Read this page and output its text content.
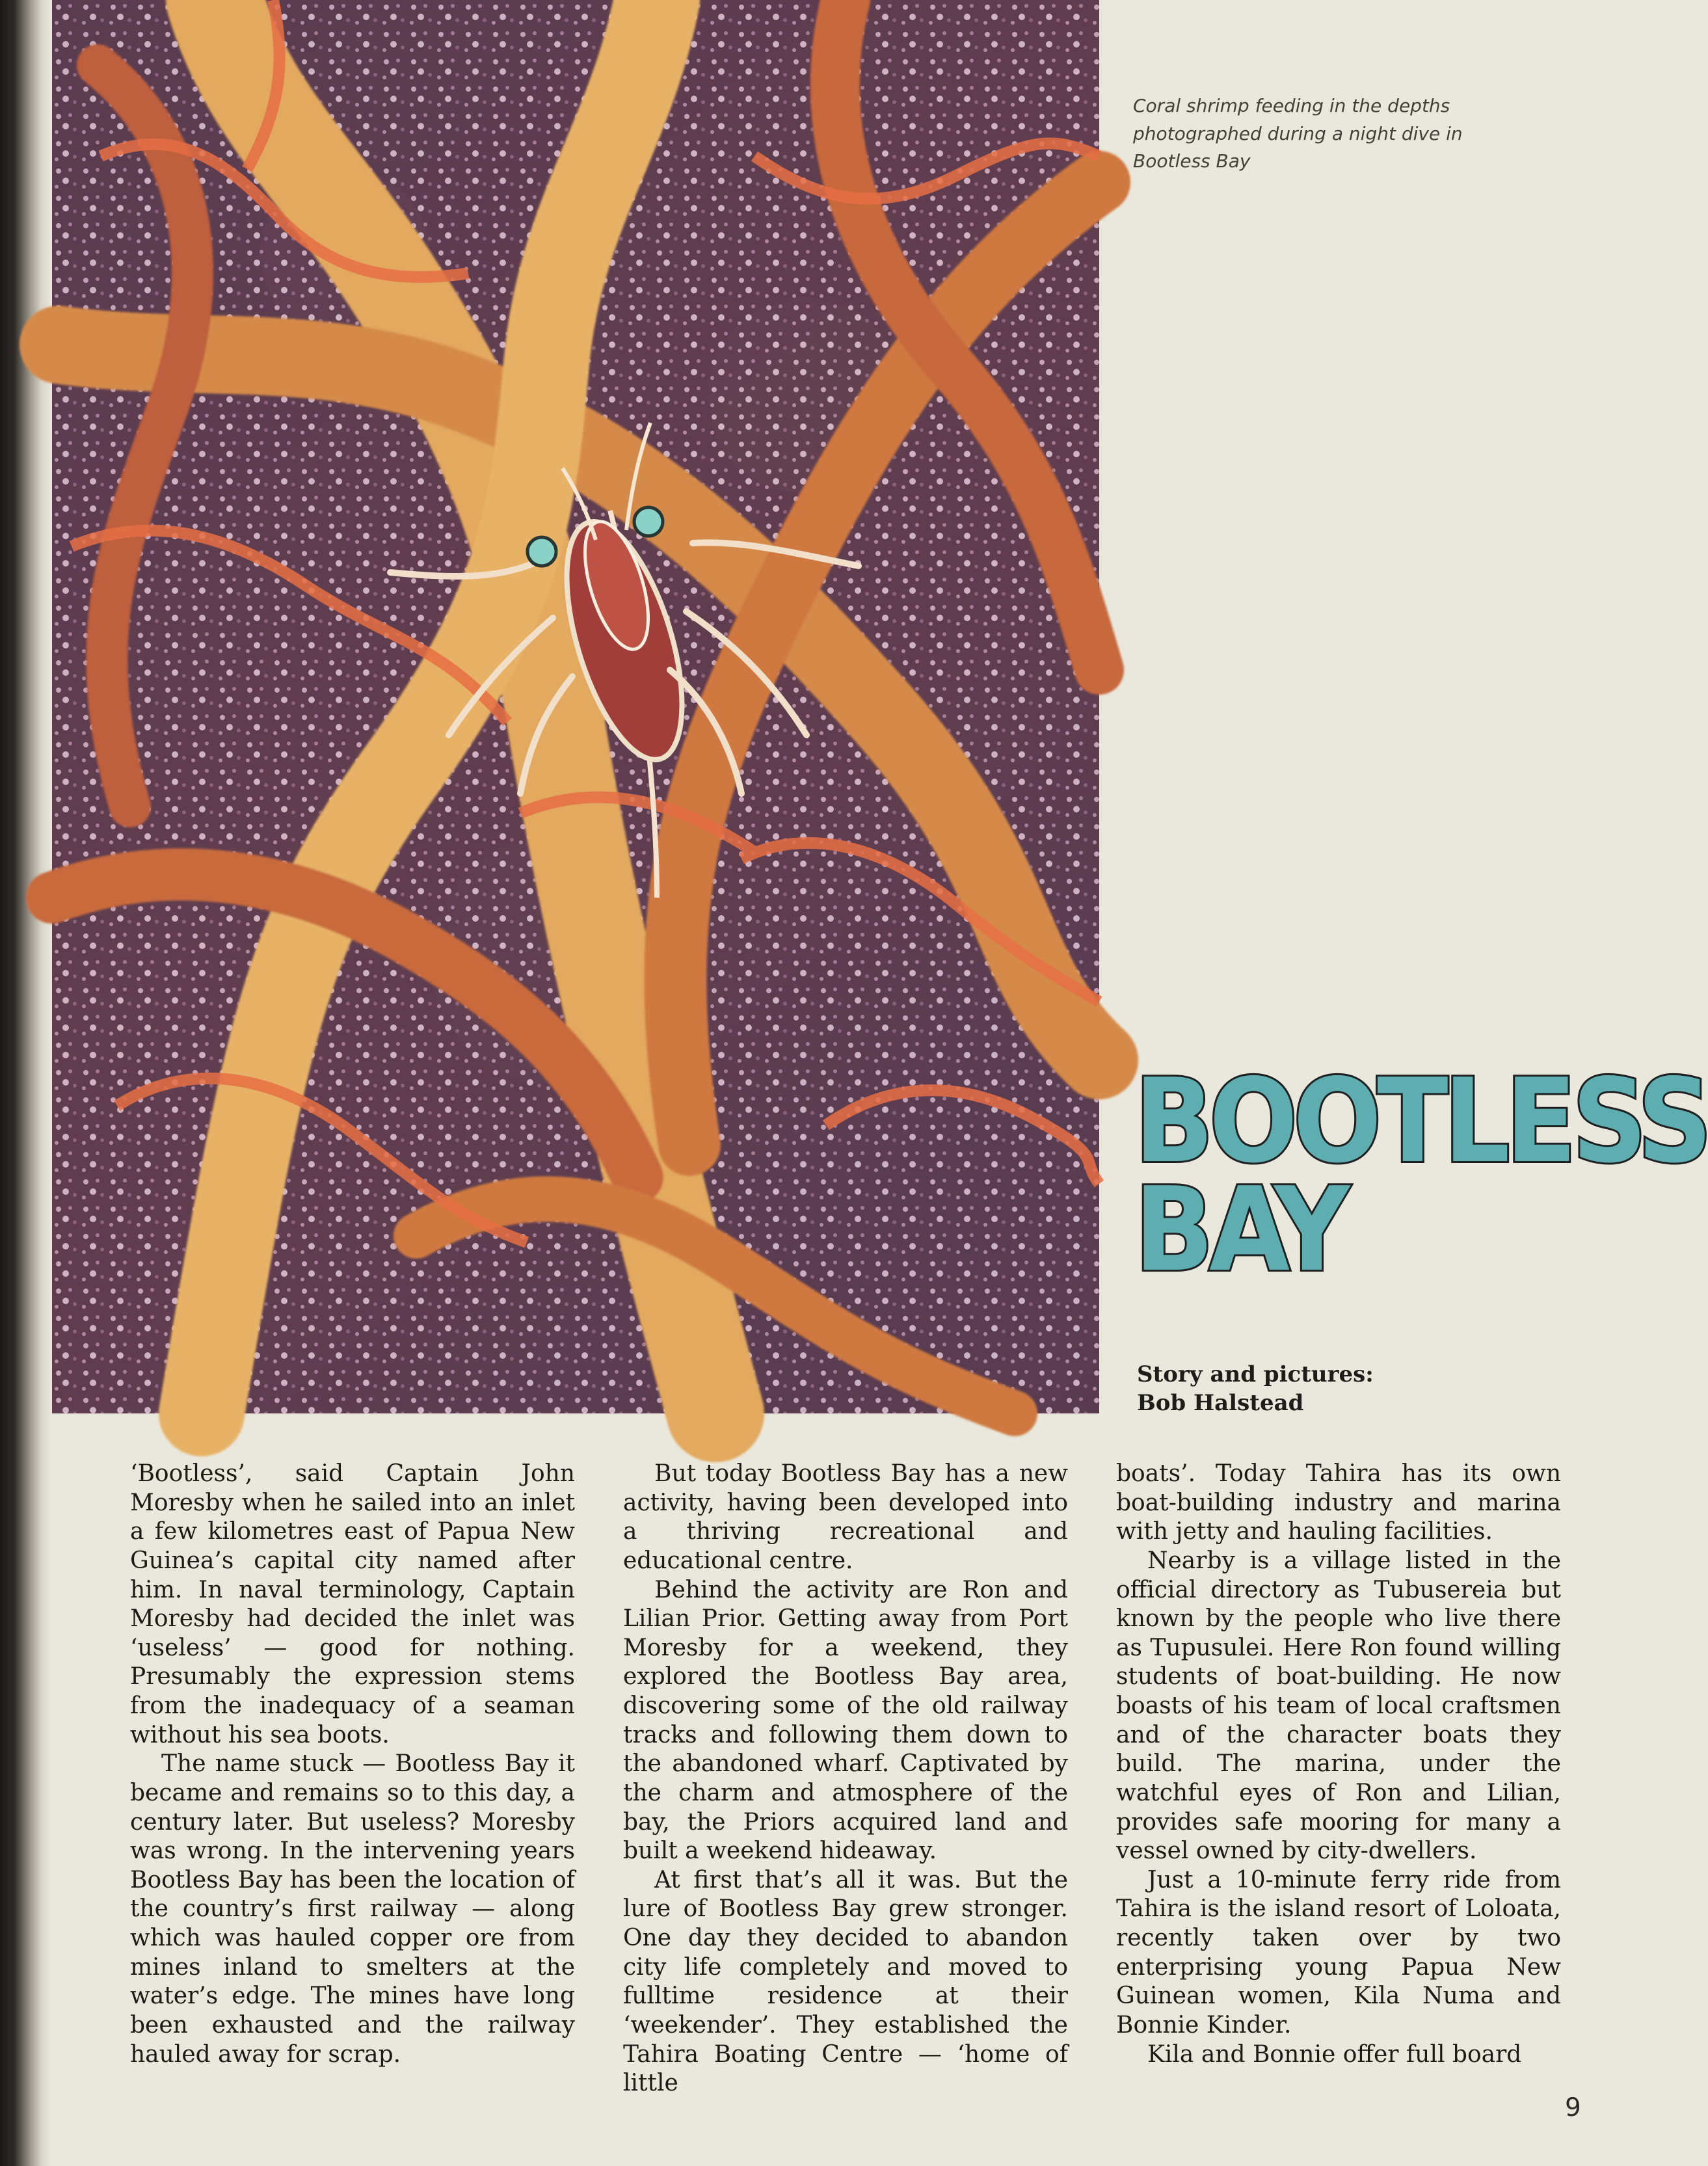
Coral shrimp feeding in the depths photographed during a night dive in Bootless Bay
BOOTLESS
BAY
Story and pictures:
Bob Halstead

‘Bootless’, said Captain John Moresby when he sailed into an inlet a few kilometres east of Papua New Guinea’s capital city named after him. In naval terminology, Captain Moresby had decided the inlet was ‘useless’ — good for nothing. Presumably the expression stems from the inadequacy of a seaman without his sea boots.

The name stuck — Bootless Bay it became and remains so to this day, a century later. But useless? Moresby was wrong. In the intervening years Bootless Bay has been the location of the country’s first railway — along which was hauled copper ore from mines inland to smelters at the water’s edge. The mines have long been exhausted and the railway hauled away for scrap.

But today Bootless Bay has a new activity, having been developed into a thriving recreational and educational centre.

Behind the activity are Ron and Lilian Prior. Getting away from Port Moresby for a weekend, they explored the Bootless Bay area, discovering some of the old railway tracks and following them down to the abandoned wharf. Captivated by the charm and atmosphere of the bay, the Priors acquired land and built a weekend hideaway.

At first that’s all it was. But the lure of Bootless Bay grew stronger. One day they decided to abandon city life completely and moved to fulltime residence at their ‘weekender’. They established the Tahira Boating Centre — ‘home of little

boats’. Today Tahira has its own boat-building industry and marina with jetty and hauling facilities.

Nearby is a village listed in the official directory as Tubusereia but known by the people who live there as Tupusulei. Here Ron found willing students of boat-building. He now boasts of his team of local craftsmen and of the character boats they build. The marina, under the watchful eyes of Ron and Lilian, provides safe mooring for many a vessel owned by city-dwellers.

Just a 10-minute ferry ride from Tahira is the island resort of Loloata, recently taken over by two enterprising young Papua New Guinean women, Kila Numa and Bonnie Kinder.

Kila and Bonnie offer full board

9
